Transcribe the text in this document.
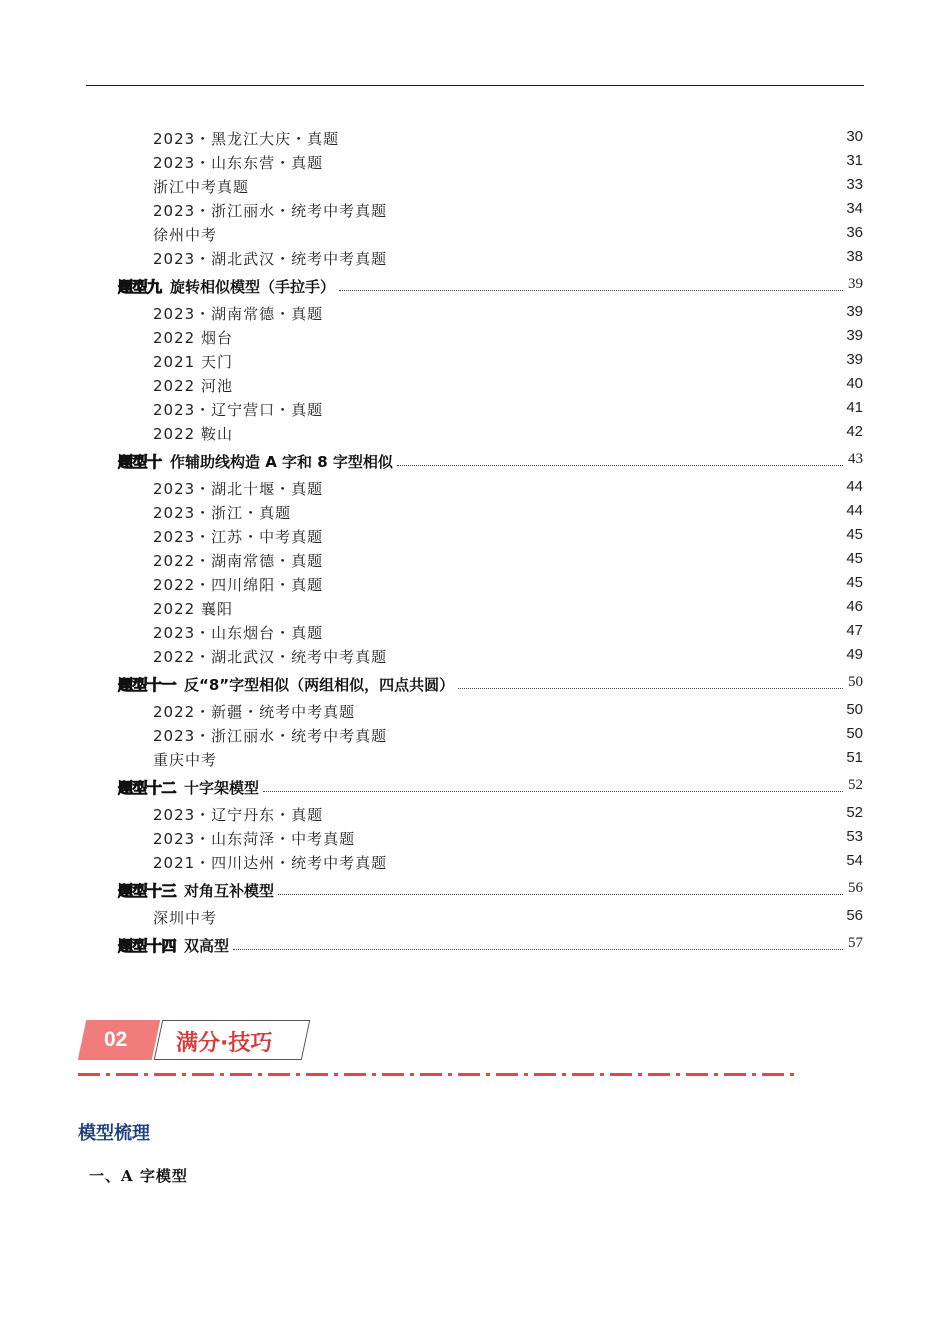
2023・黑龙江大庆・真题	30
2023・山东东营・真题	31
浙江中考真题	33
2023・浙江丽水・统考中考真题	34
徐州中考	36
2023・湖北武汉・统考中考真题	38
题型九 旋转相似模型（手拉手）	39
2023・湖南常德・真题	39
2022 烟台	39
2021 天门	39
2022 河池	40
2023・辽宁营口・真题	41
2022 鞍山	42
题型十 作辅助线构造 A 字和 8 字型相似	43
2023・湖北十堰・真题	44
2023・浙江・真题	44
2023・江苏・中考真题	45
2022・湖南常德・真题	45
2022・四川绵阳・真题	45
2022 襄阳	46
2023・山东烟台・真题	47
2022・湖北武汉・统考中考真题	49
题型十一 反“8”字型相似（两组相似，四点共圆）	50
2022・新疆・统考中考真题	50
2023・浙江丽水・统考中考真题	50
重庆中考	51
题型十二 十字架模型	52
2023・辽宁丹东・真题	52
2023・山东菏泽・中考真题	53
2021・四川达州・统考中考真题	54
题型十三 对角互补模型	56
深圳中考	56
题型十四 双高型	57
02 满分·技巧
模型梳理
一、A 字模型
